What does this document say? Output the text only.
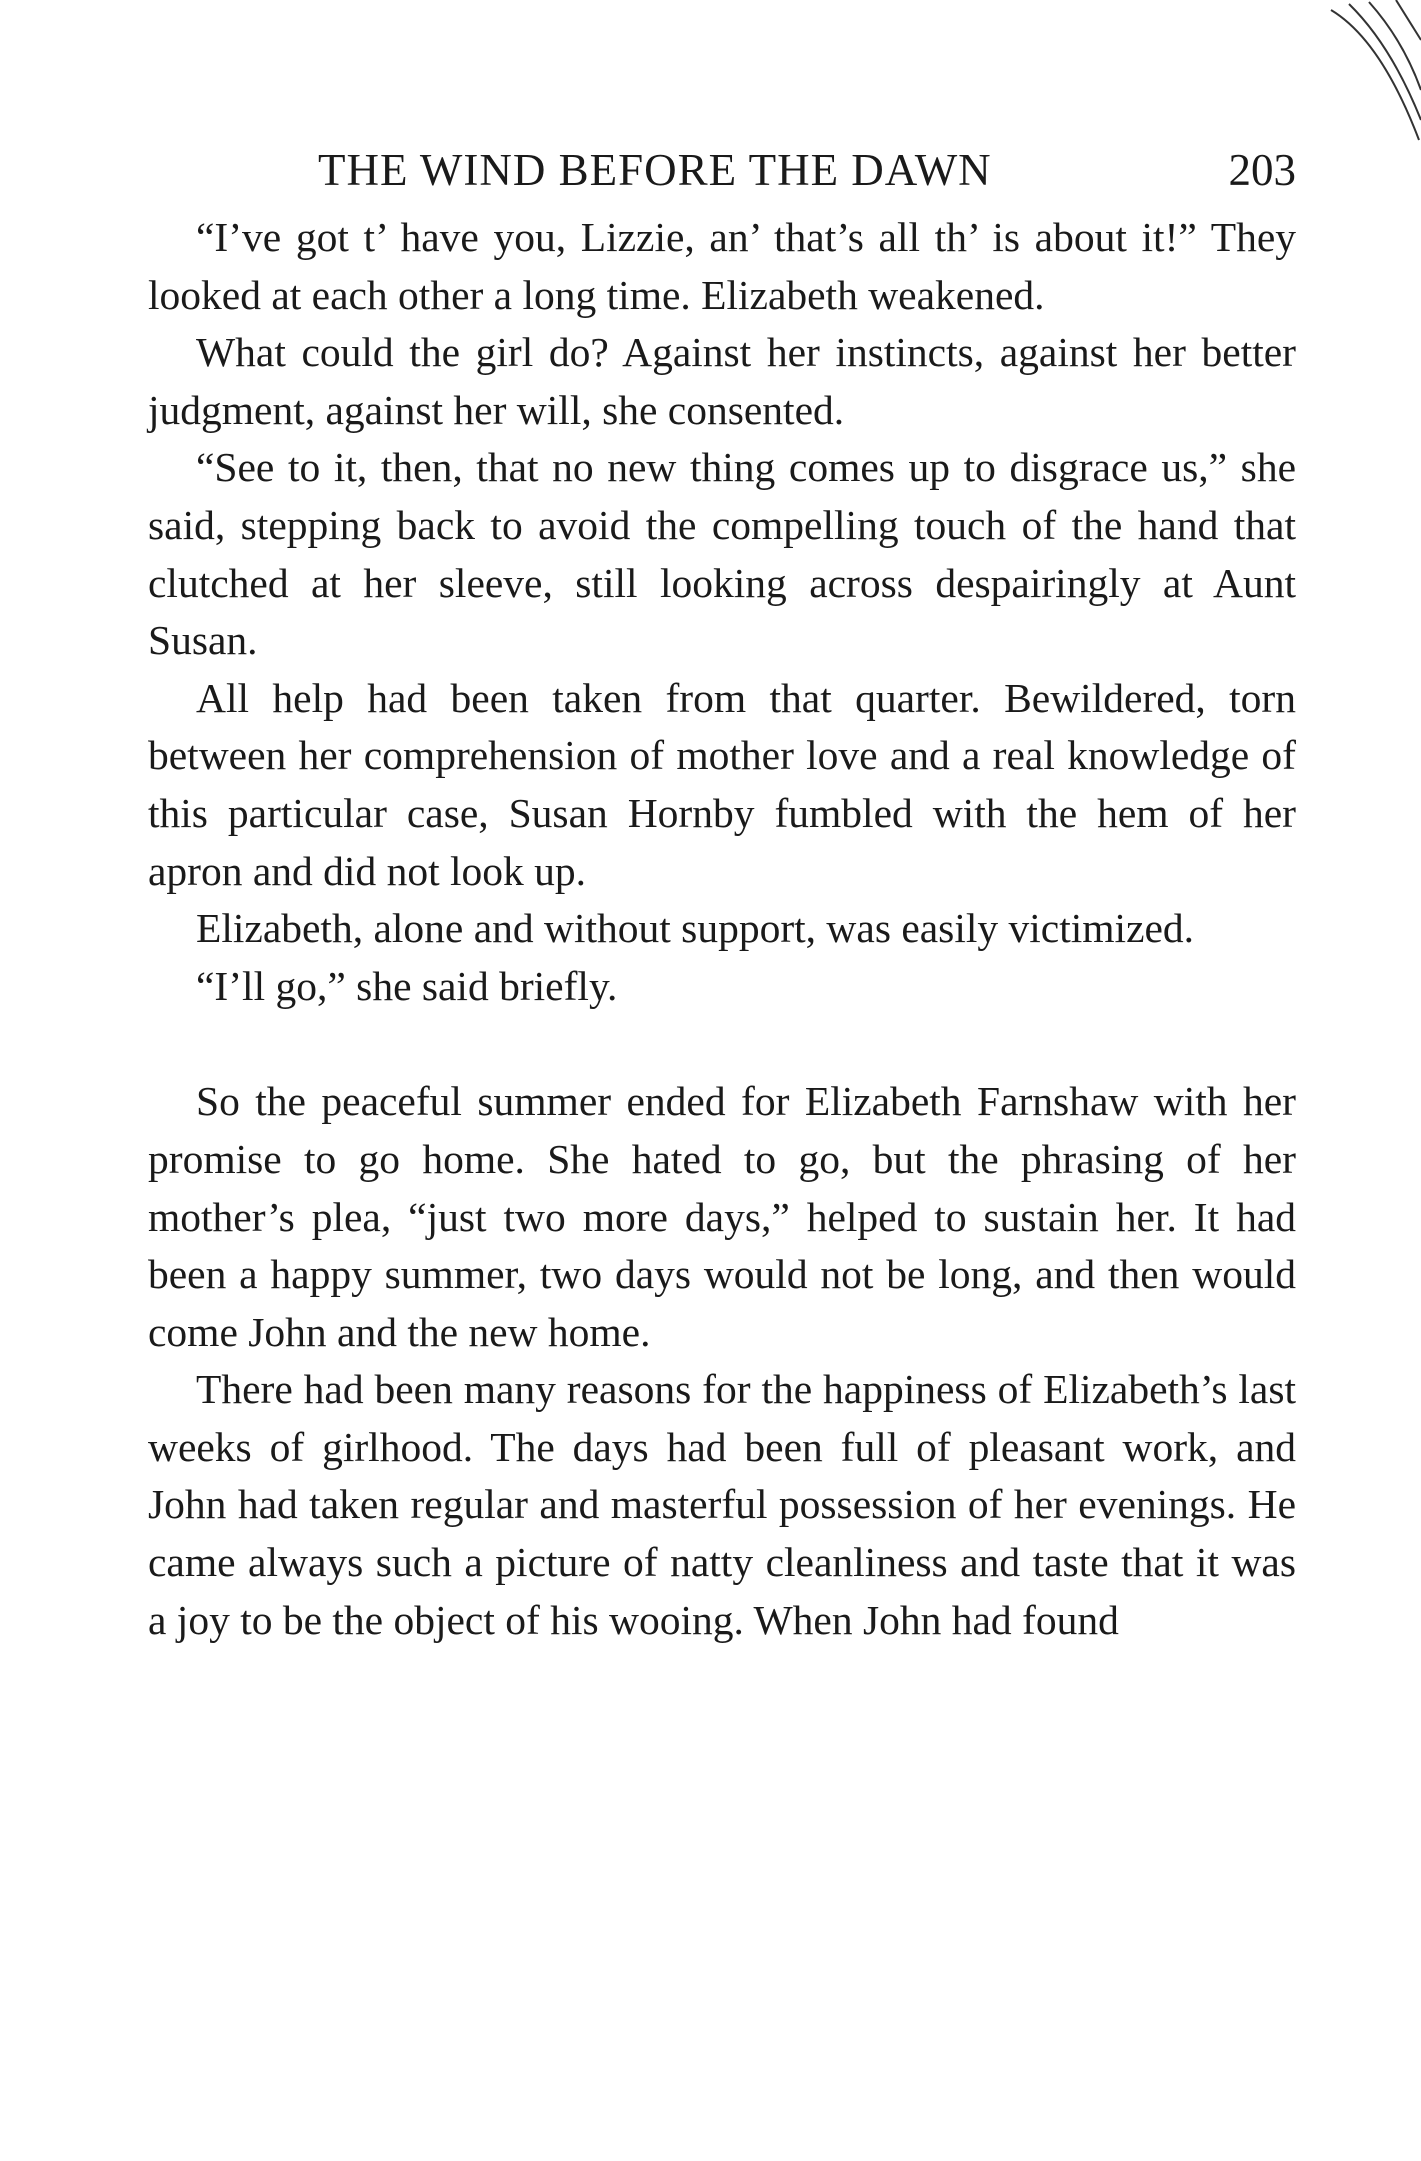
THE WIND BEFORE THE DAWN	203

“I’ve got t’ have you, Lizzie, an’ that’s all th’ is about it!” They looked at each other a long time. Elizabeth weakened.

What could the girl do? Against her instincts, against her better judgment, against her will, she consented.

“See to it, then, that no new thing comes up to disgrace us,” she said, stepping back to avoid the compelling touch of the hand that clutched at her sleeve, still looking across despairingly at Aunt Susan.

All help had been taken from that quarter. Bewildered, torn between her comprehension of mother love and a real knowledge of this particular case, Susan Hornby fumbled with the hem of her apron and did not look up.

Elizabeth, alone and without support, was easily victimized.

“I’ll go,” she said briefly.

So the peaceful summer ended for Elizabeth Farnshaw with her promise to go home. She hated to go, but the phrasing of her mother’s plea, “just two more days,” helped to sustain her. It had been a happy summer, two days would not be long, and then would come John and the new home.

There had been many reasons for the happiness of Elizabeth’s last weeks of girlhood. The days had been full of pleasant work, and John had taken regular and masterful possession of her evenings. He came always such a picture of natty cleanliness and taste that it was a joy to be the object of his wooing. When John had found
